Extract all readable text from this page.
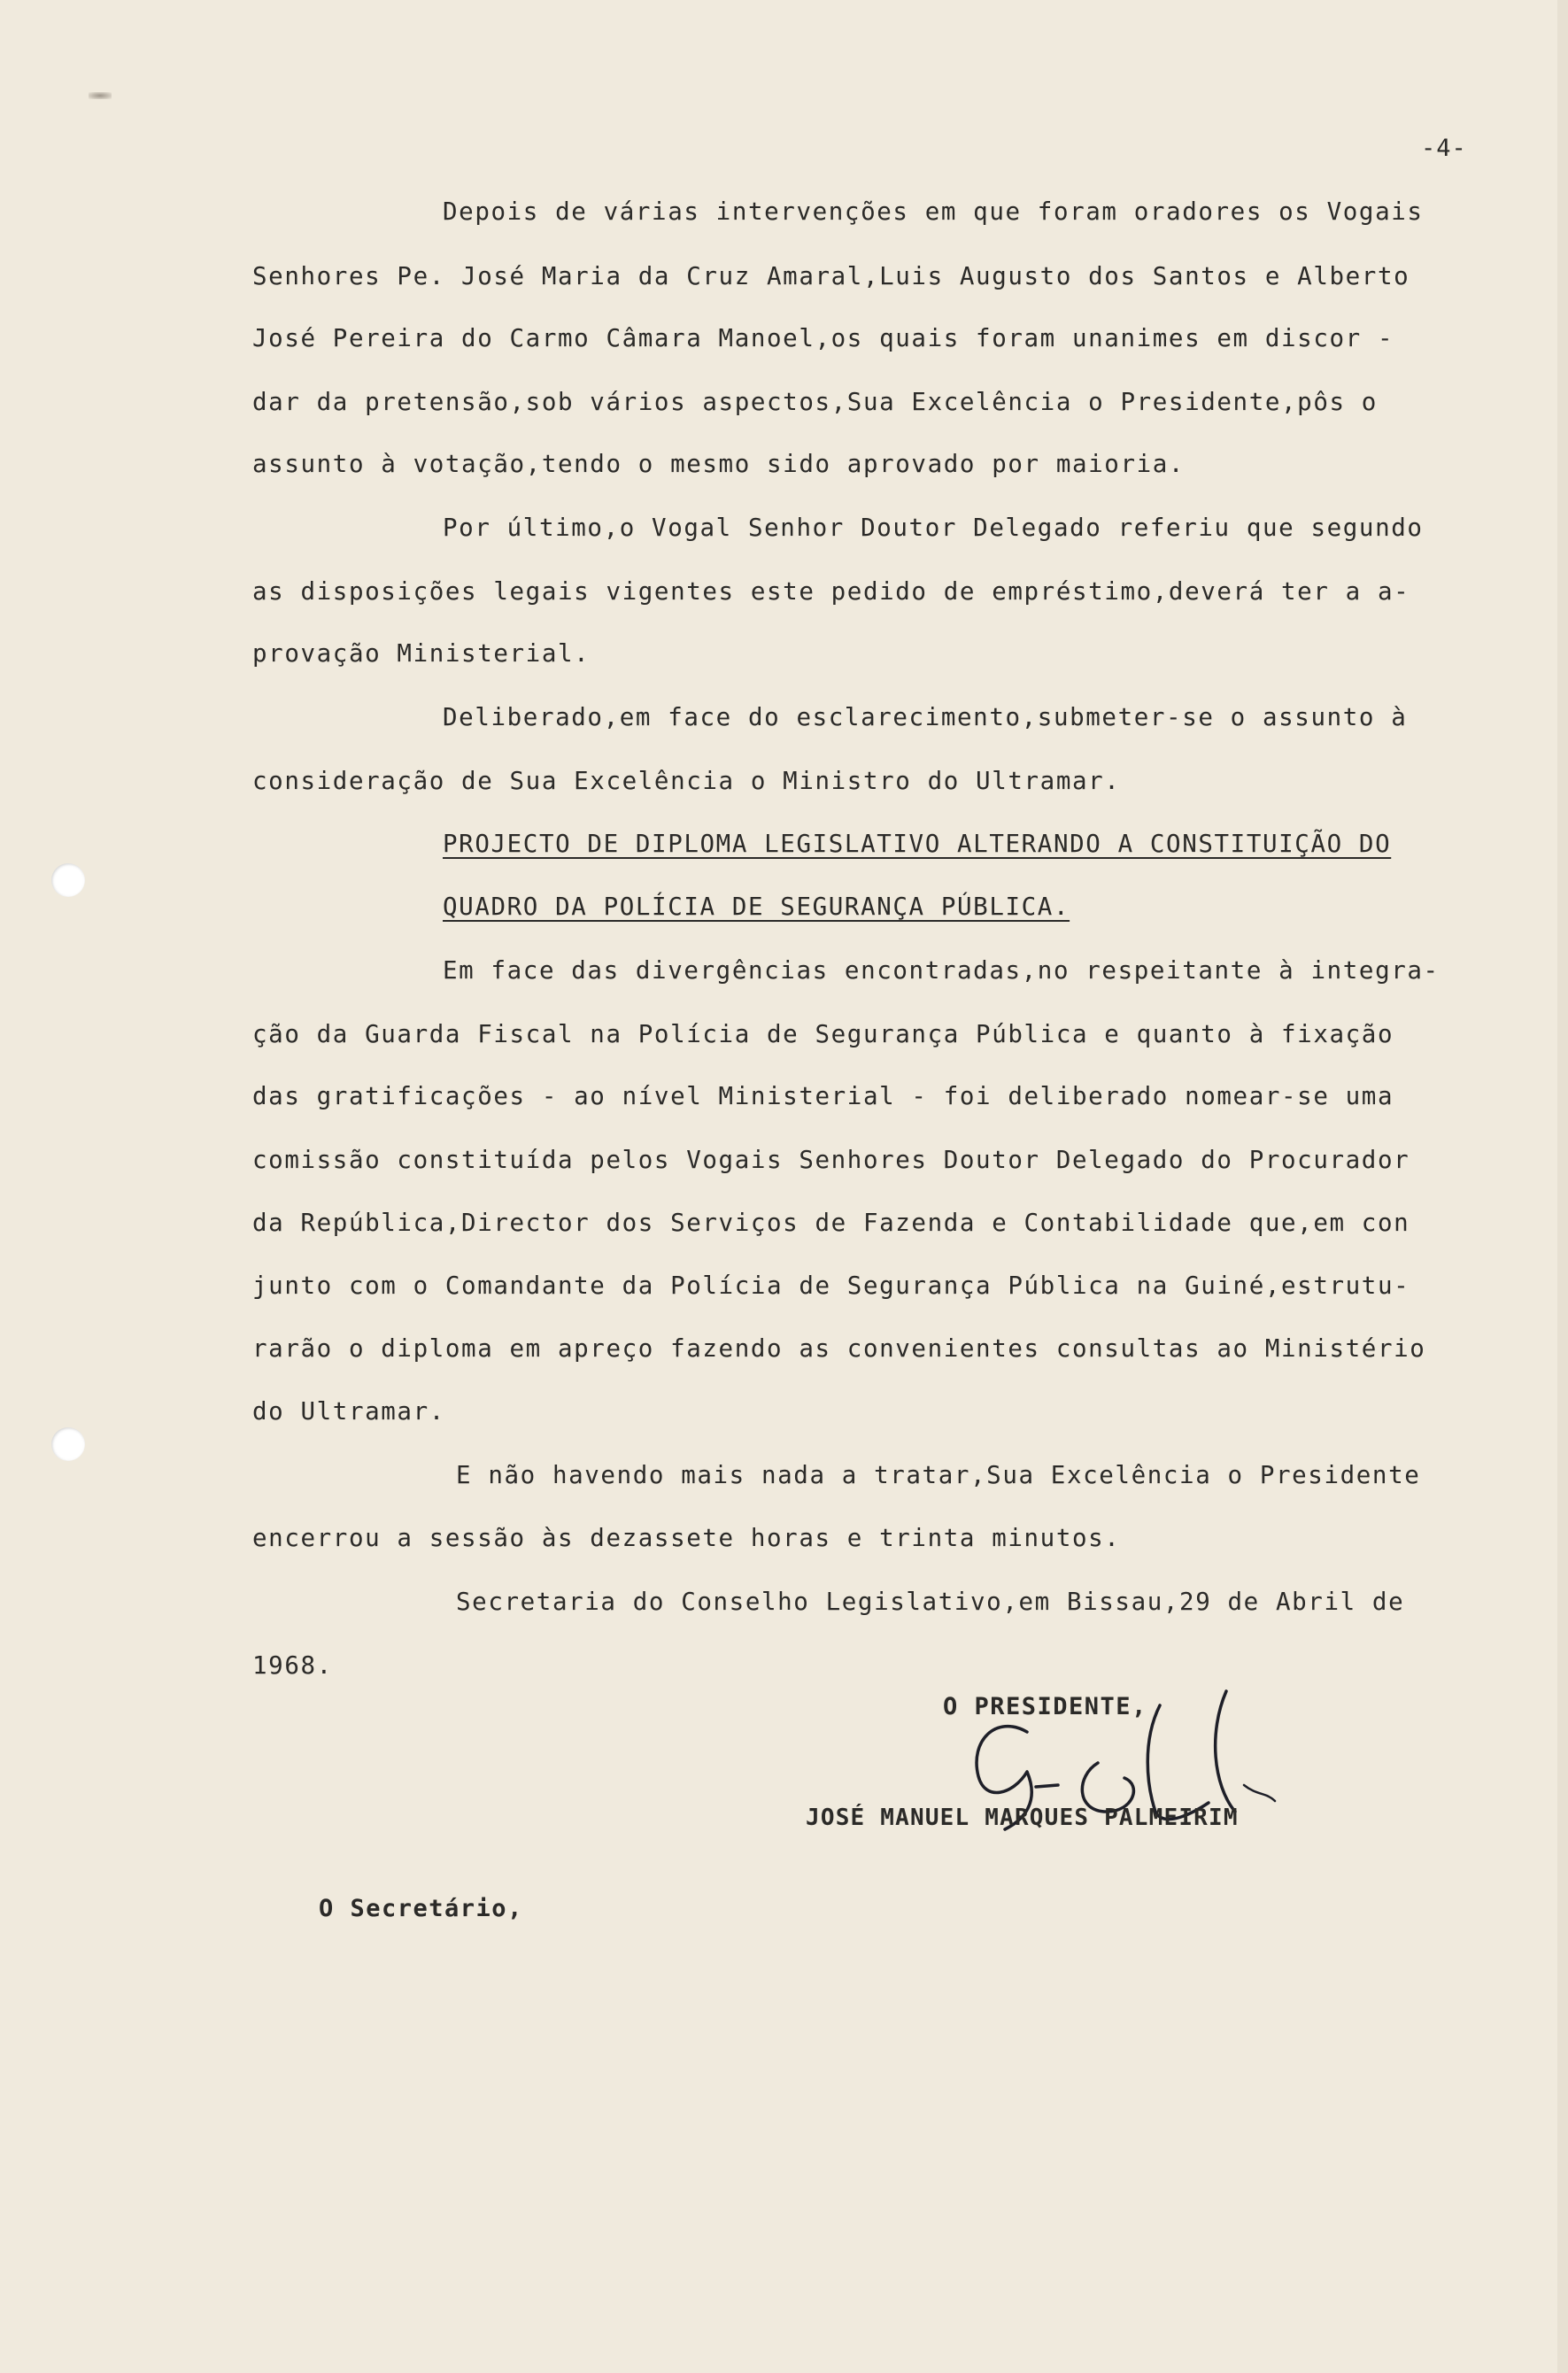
-4-
Depois de várias intervenções em que foram oradores os Vogais
Senhores Pe. José Maria da Cruz Amaral,Luis Augusto dos Santos e Alberto
José Pereira do Carmo Câmara Manoel,os quais foram unanimes em discor -
dar da pretensão,sob vários aspectos,Sua Excelência o Presidente,pôs o
assunto à votação,tendo o mesmo sido aprovado por maioria.
Por último,o Vogal Senhor Doutor Delegado referiu que segundo
as disposições legais vigentes este pedido de empréstimo,deverá ter a a-
provação Ministerial.
Deliberado,em face do esclarecimento,submeter-se o assunto à
consideração de Sua Excelência o Ministro do Ultramar.
PROJECTO DE DIPLOMA LEGISLATIVO ALTERANDO A CONSTITUIÇÃO DO
QUADRO DA POLÍCIA DE SEGURANÇA PÚBLICA.
Em face das divergências encontradas,no respeitante à integra-
ção da Guarda Fiscal na Polícia de Segurança Pública e quanto à fixação
das gratificações - ao nível Ministerial - foi deliberado nomear-se uma
comissão constituída pelos Vogais Senhores Doutor Delegado do Procurador
da República,Director dos Serviços de Fazenda e Contabilidade que,em con
junto com o Comandante da Polícia de Segurança Pública na Guiné,estrutu-
rarão o diploma em apreço fazendo as convenientes consultas ao Ministério
do Ultramar.
E não havendo mais nada a tratar,Sua Excelência o Presidente
encerrou a sessão às dezassete horas e trinta minutos.
Secretaria do Conselho Legislativo,em Bissau,29 de Abril de
1968.
O PRESIDENTE,
JOSÉ MANUEL MARQUES PALMEIRIM
O Secretário,
